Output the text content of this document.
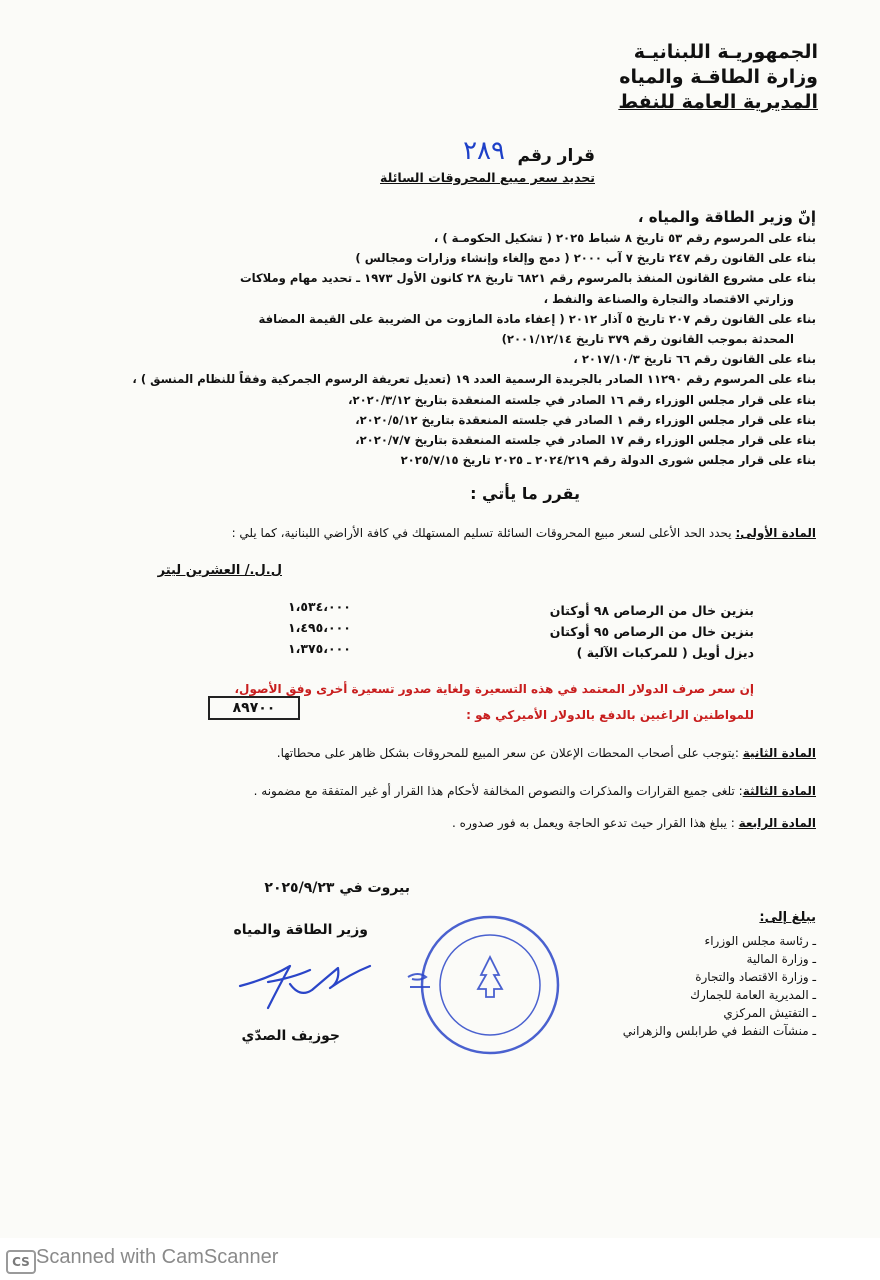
الجمهوريـة اللبنانيـة
وزارة الطاقـة والمياه
المديرية العامة للنفط
قرار رقم
٢٨٩
تحديد سعر مبيع المحروقات السائلة
إنّ وزير الطاقة والمياه ،
بناء على المرسوم رقم ٥٣ تاريخ ٨ شباط ٢٠٢٥ ( تشكيل الحكومـة ) ،
بناء على القانون رقم ٢٤٧ تاريخ ٧ آب ٢٠٠٠ ( دمج وإلغاء وإنشاء وزارات ومجالس )
بناء على مشروع القانون المنفذ بالمرسوم رقم ٦٨٢١ تاريخ ٢٨ كانون الأول ١٩٧٣ ـ تحديد مهام وملاكات
وزارتي الاقتصاد والتجارة والصناعة والنفط ،
بناء على القانون رقم ٢٠٧ تاريخ ٥ آذار ٢٠١٢ ( إعفاء مادة المازوت من الضريبة على القيمة المضافة
المحدثة بموجب القانون رقم ٣٧٩ تاريخ ٢٠٠١/١٢/١٤)
بناء على القانون رقم ٦٦ تاريخ ٢٠١٧/١٠/٣ ،
بناء على المرسوم رقم ١١٢٩٠ الصادر بالجريدة الرسمية العدد ١٩ (تعديل تعريفة الرسوم الجمركية وفقاً للنظام المنسق ) ،
بناء على قرار مجلس الوزراء رقم ١٦ الصادر في جلسته المنعقدة بتاريخ ٢٠٢٠/٣/١٢،
بناء على قرار مجلس الوزراء رقم ١ الصادر في جلسته المنعقدة بتاريخ ٢٠٢٠/٥/١٢،
بناء على قرار مجلس الوزراء رقم ١٧ الصادر في جلسته المنعقدة بتاريخ ٢٠٢٠/٧/٧،
بناء على قرار مجلس شورى الدولة رقم ٢٠٢٤/٢١٩ ـ ٢٠٢٥ تاريخ ٢٠٢٥/٧/١٥
يقرر ما يأتي :
المادة الأولى: يحدد الحد الأعلى لسعر مبيع المحروقات السائلة تسليم المستهلك في كافة الأراضي اللبنانية، كما يلي :
ل.ل./ العشرين ليتر
بنزين خال من الرصاص ٩٨ أوكتان
بنزين خال من الرصاص ٩٥ أوكتان
ديزل أويل ( للمركبات الآلية )
١،٥٣٤،٠٠٠
١،٤٩٥،٠٠٠
١،٣٧٥،٠٠٠
إن سعر صرف الدولار المعتمد في هذه التسعيرة ولغاية صدور تسعيرة أخرى وفق الأصول،
للمواطنين الراغبين بالدفع بالدولار الأميركي هو :
٨٩٧٠٠
المادة الثانية :يتوجب على أصحاب المحطات الإعلان عن سعر المبيع للمحروقات بشكل ظاهر على محطاتها.
المادة الثالثة: تلغى جميع القرارات والمذكرات والنصوص المخالفة لأحكام هذا القرار أو غير المتفقة مع مضمونه .
المادة الرابعة : يبلغ هذا القرار حيث تدعو الحاجة ويعمل به فور صدوره .
بيروت في ٢٠٢٥/٩/٢٣
يبلغ إلى:
ـ رئاسة مجلس الوزراء
ـ وزارة المالية
ـ وزارة الاقتصاد والتجارة
ـ المديرية العامة للجمارك
ـ التفتيش المركزي
ـ منشآت النفط في طرابلس والزهراني
وزير الطاقة والمياه
جوزيف الصدّي
CS Scanned with CamScanner
